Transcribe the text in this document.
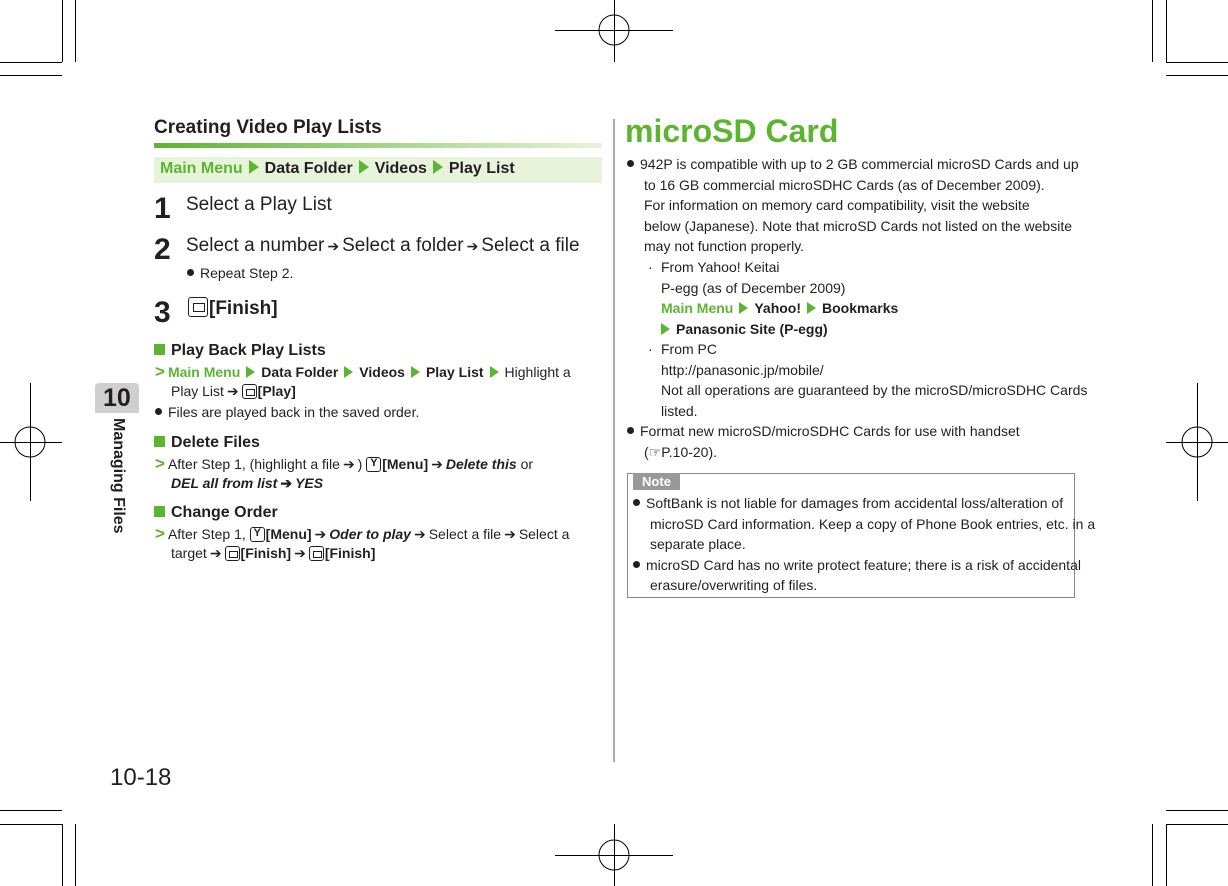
10
Managing Files
10-18
Creating Video Play Lists
Main Menu Data Folder Videos Play List
1 Select a Play List
2 Select a number ➔ Select a folder ➔ Select a file
Repeat Step 2.
3	[Finish]
Play Back Play Lists
> Main Menu Data Folder Videos Play List Highlight a
Play List ➔ [Play]
Files are played back in the saved order.
Delete Files
> After Step 1, (highlight a file ➔ ) Y [Menu] ➔ Delete this or
DEL all from list ➔ YES
Change Order
> After Step 1, Y [Menu] ➔ Oder to play ➔ Select a file ➔ Select a
target ➔ [Finish] ➔ [Finish]
microSD Card
942P is compatible with up to 2 GB commercial microSD Cards and up
to 16 GB commercial microSDHC Cards (as of December 2009).
For information on memory card compatibility, visit the website
below (Japanese). Note that microSD Cards not listed on the website
may not function properly.
· From Yahoo! Keitai
P-egg (as of December 2009)
Main Menu Yahoo! Bookmarks
Panasonic Site (P-egg)
· From PC
http://panasonic.jp/mobile/
Not all operations are guaranteed by the microSD/microSDHC Cards
listed.
Format new microSD/microSDHC Cards for use with handset
(☞P.10-20).
Note
SoftBank is not liable for damages from accidental loss/alteration of
microSD Card information. Keep a copy of Phone Book entries, etc. in a
separate place.
microSD Card has no write protect feature; there is a risk of accidental
erasure/overwriting of files.
